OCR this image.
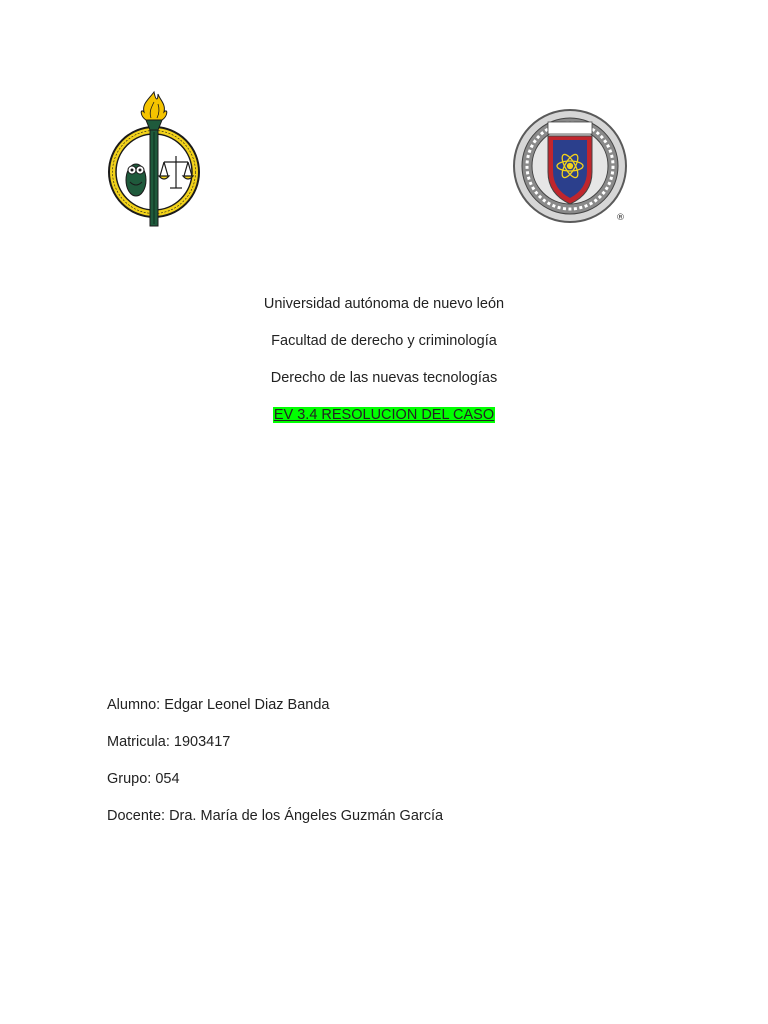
®
Universidad autónoma de nuevo león
Facultad de derecho y criminología
Derecho de las nuevas tecnologías
EV 3.4 RESOLUCION DEL CASO
Alumno: Edgar Leonel Diaz Banda
Matricula: 1903417
Grupo: 054
Docente: Dra. María de los Ángeles Guzmán García
